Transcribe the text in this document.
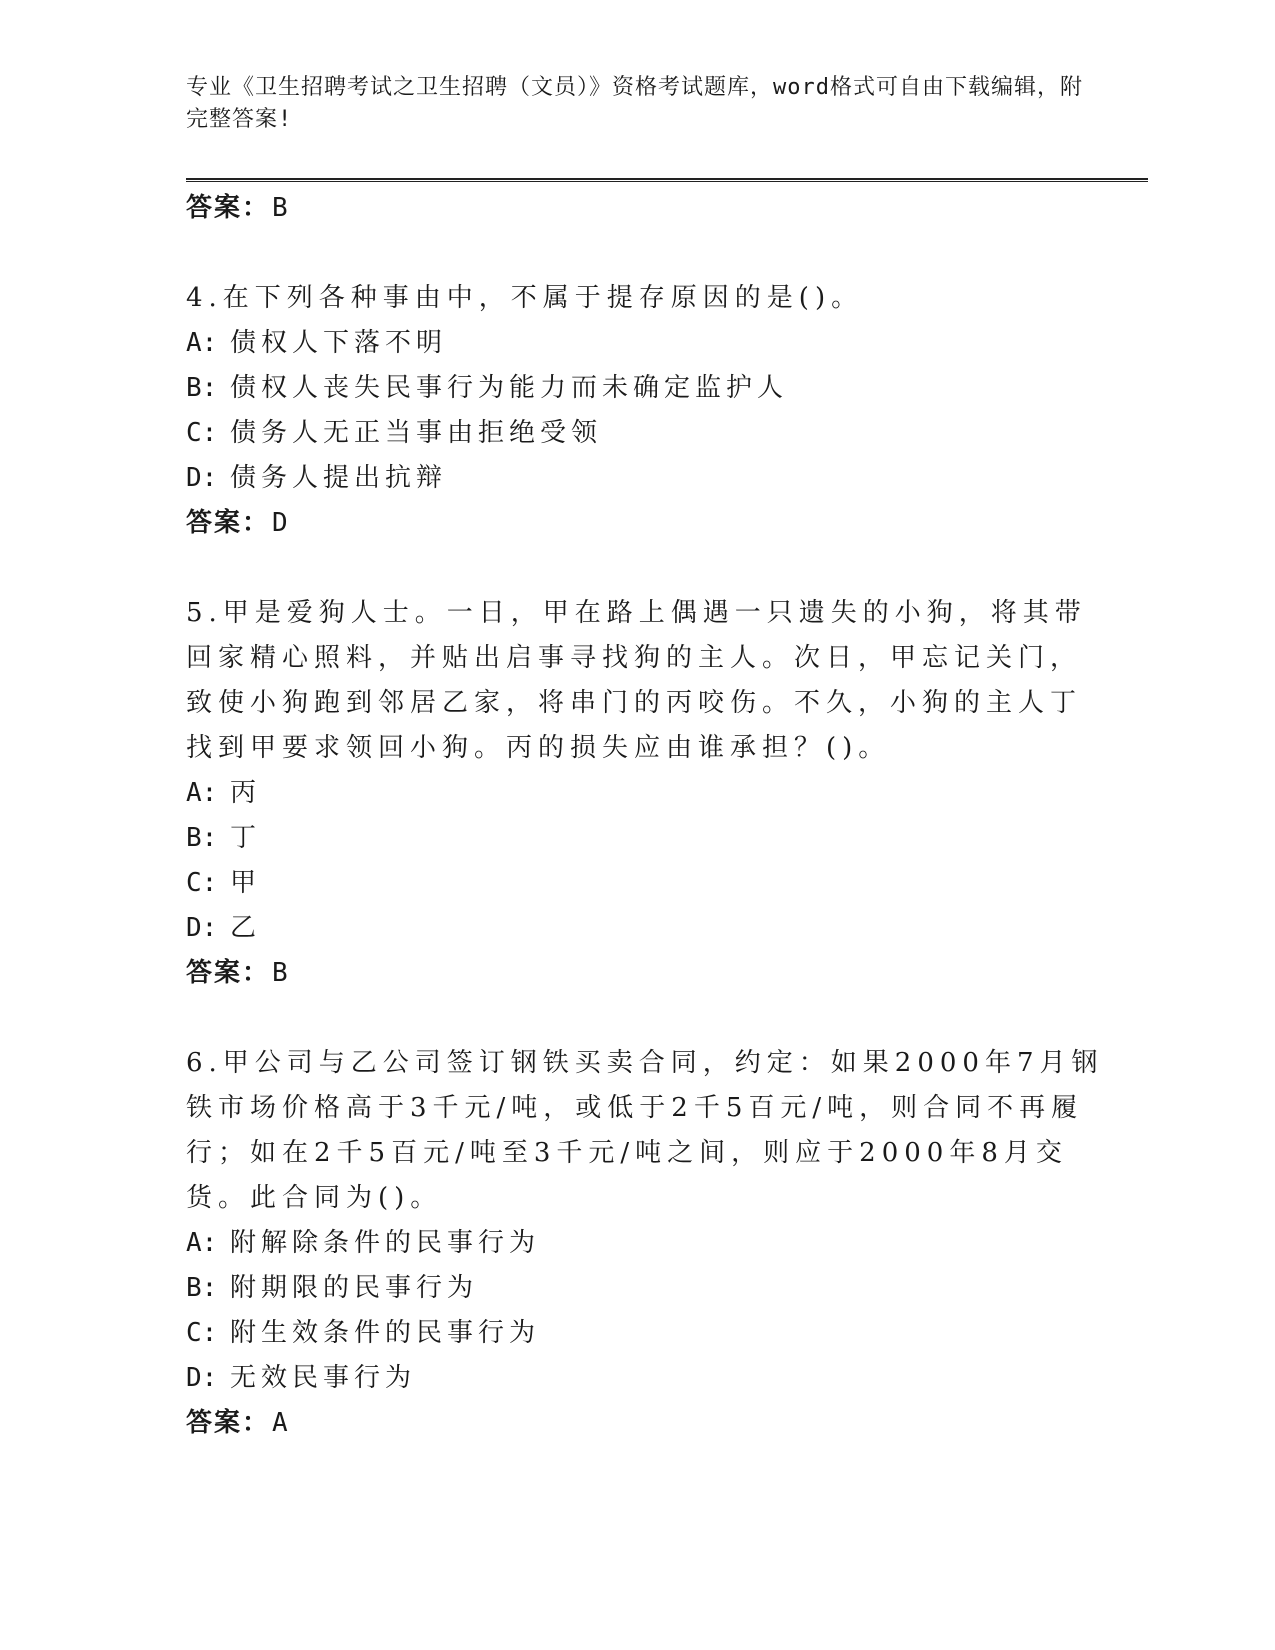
专业《卫生招聘考试之卫生招聘（文员）》资格考试题库，word格式可自由下载编辑，附完整答案!

答案：B

4.在下列各种事由中，不属于提存原因的是()。

A: 债权人下落不明

B: 债权人丧失民事行为能力而未确定监护人

C: 债务人无正当事由拒绝受领

D: 债务人提出抗辩

答案：D

5.甲是爱狗人士。一日，甲在路上偶遇一只遗失的小狗，将其带回家精心照料，并贴出启事寻找狗的主人。次日，甲忘记关门，致使小狗跑到邻居乙家，将串门的丙咬伤。不久，小狗的主人丁找到甲要求领回小狗。丙的损失应由谁承担？()。

A: 丙

B: 丁

C: 甲

D: 乙

答案：B

6.甲公司与乙公司签订钢铁买卖合同，约定：如果2000年7月钢铁市场价格高于3千元/吨，或低于2千5百元/吨，则合同不再履行；如在2千5百元/吨至3千元/吨之间，则应于2000年8月交货。此合同为()。

A: 附解除条件的民事行为

B: 附期限的民事行为

C: 附生效条件的民事行为

D: 无效民事行为

答案：A
